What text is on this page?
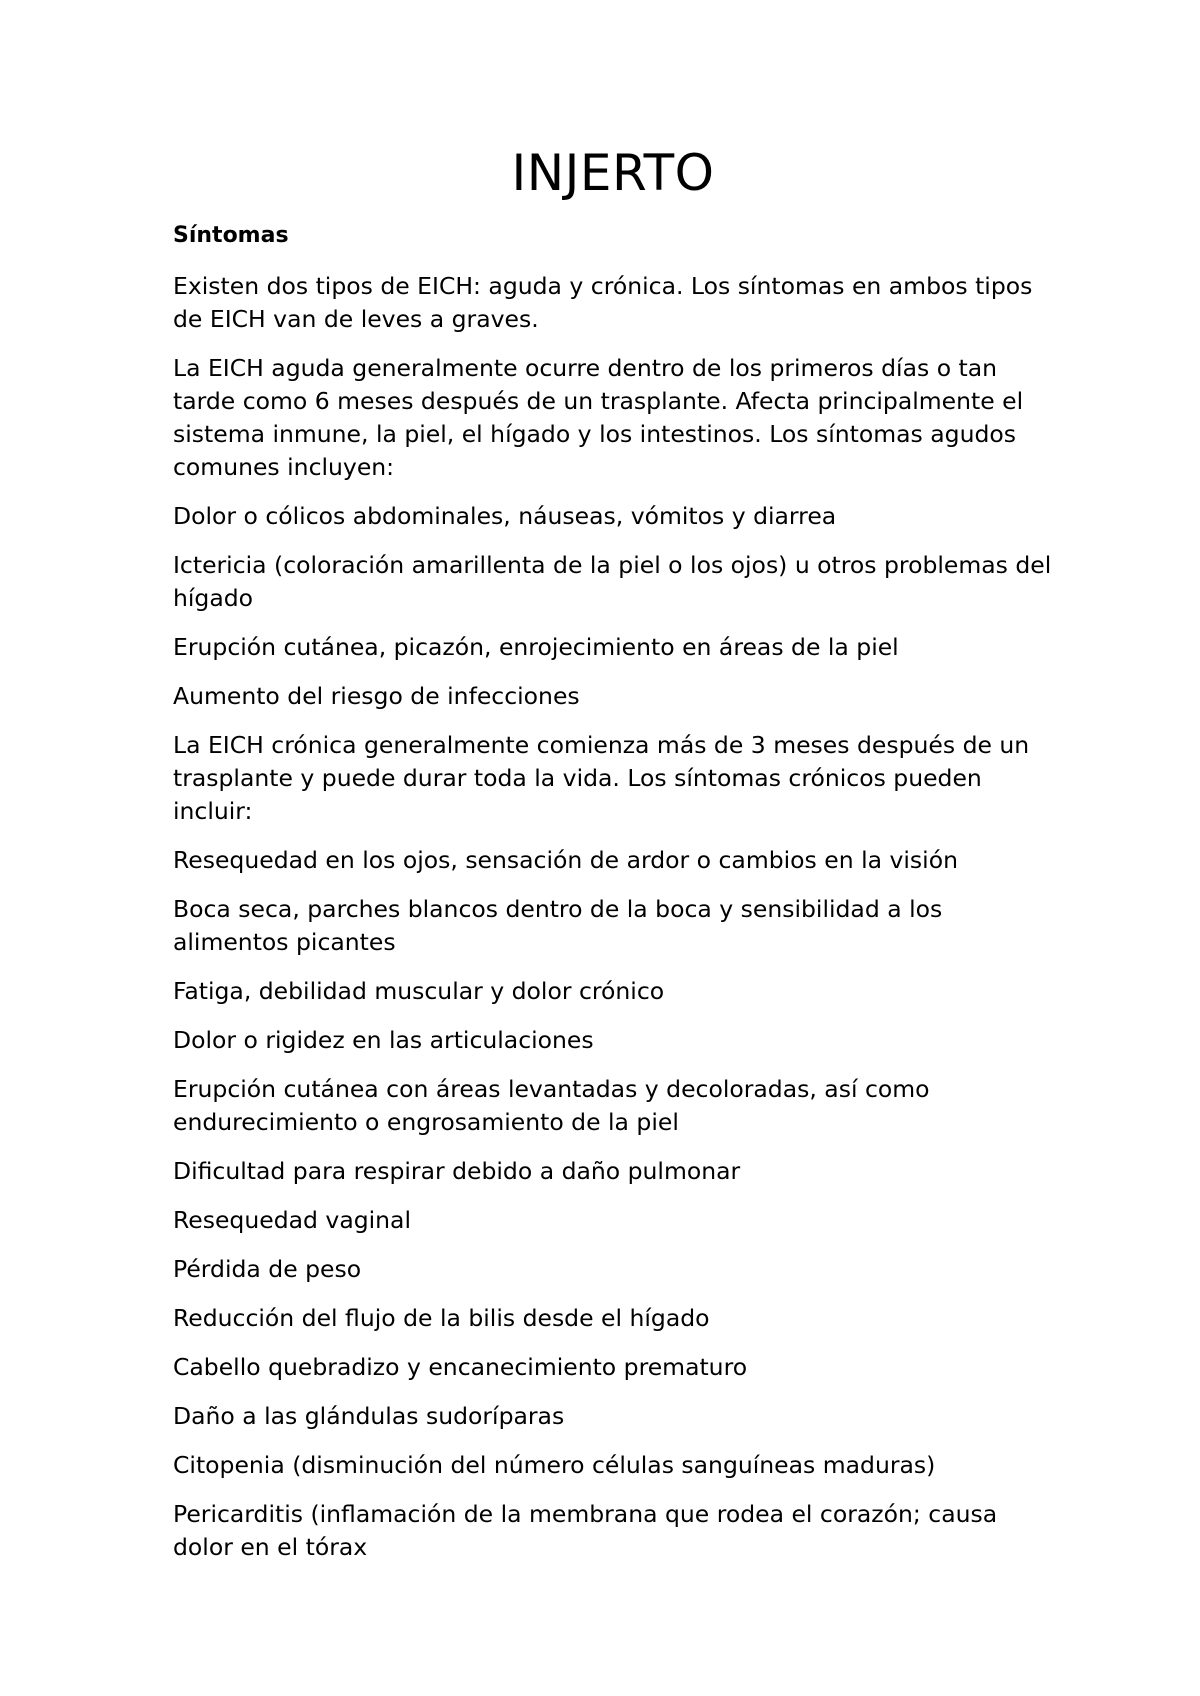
INJERTO

Síntomas

Existen dos tipos de EICH: aguda y crónica. Los síntomas en ambos tipos de EICH van de leves a graves.

La EICH aguda generalmente ocurre dentro de los primeros días o tan tarde como 6 meses después de un trasplante. Afecta principalmente el sistema inmune, la piel, el hígado y los intestinos. Los síntomas agudos comunes incluyen:

Dolor o cólicos abdominales, náuseas, vómitos y diarrea

Ictericia (coloración amarillenta de la piel o los ojos) u otros problemas del hígado

Erupción cutánea, picazón, enrojecimiento en áreas de la piel

Aumento del riesgo de infecciones

La EICH crónica generalmente comienza más de 3 meses después de un trasplante y puede durar toda la vida. Los síntomas crónicos pueden incluir:

Resequedad en los ojos, sensación de ardor o cambios en la visión

Boca seca, parches blancos dentro de la boca y sensibilidad a los alimentos picantes

Fatiga, debilidad muscular y dolor crónico

Dolor o rigidez en las articulaciones

Erupción cutánea con áreas levantadas y decoloradas, así como endurecimiento o engrosamiento de la piel

Dificultad para respirar debido a daño pulmonar

Resequedad vaginal

Pérdida de peso

Reducción del flujo de la bilis desde el hígado

Cabello quebradizo y encanecimiento prematuro

Daño a las glándulas sudoríparas

Citopenia (disminución del número células sanguíneas maduras)

Pericarditis (inflamación de la membrana que rodea el corazón; causa dolor en el tórax
